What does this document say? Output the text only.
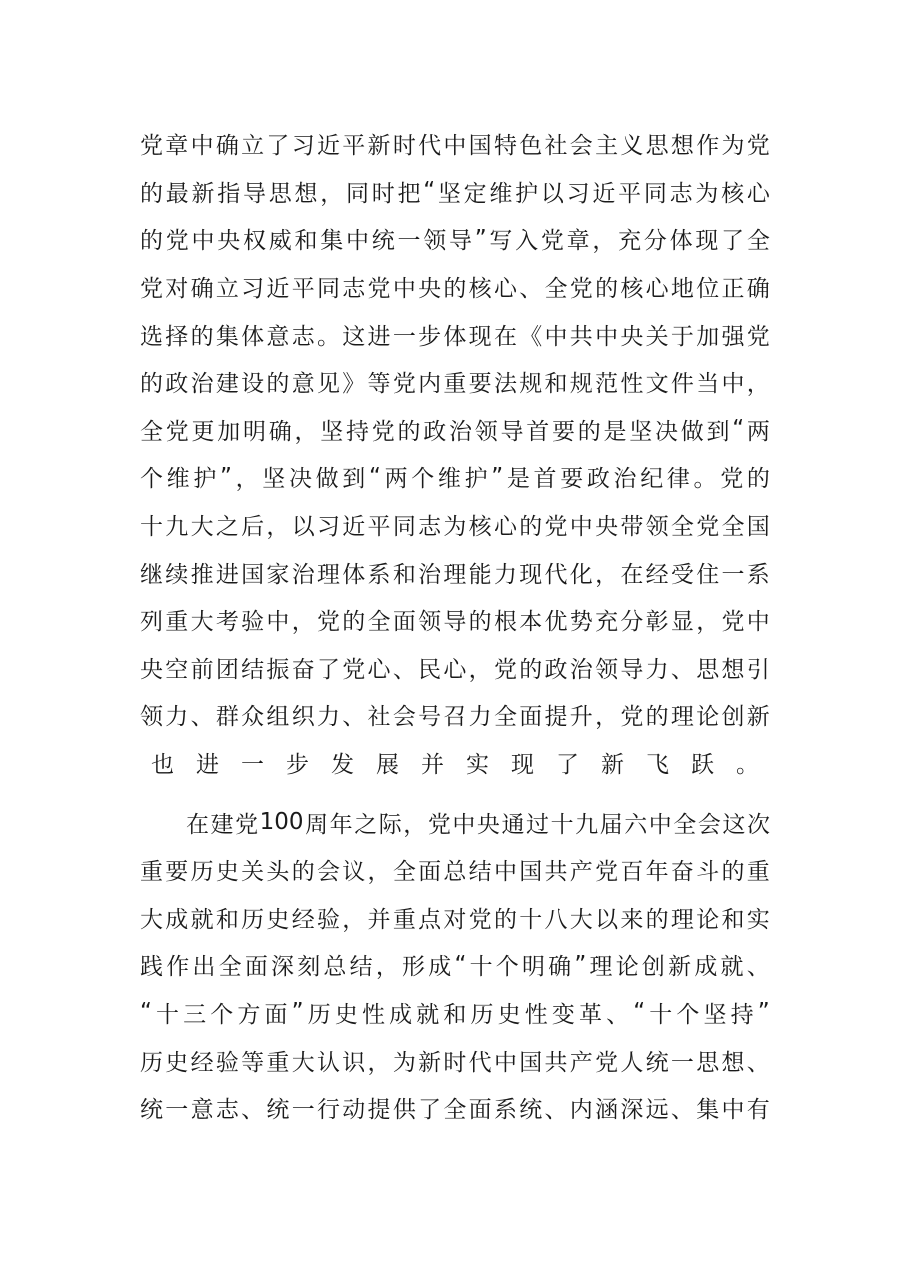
党 章 中 确 立 了 习 近 平 新 时 代 中 国 特 色 社 会 主 义 思 想 作 为 党
的 最 新 指 导 思 想 ， 同 时 把 “ 坚 定 维 护 以 习 近 平 同 志 为 核 心
的 党 中 央 权 威 和 集 中 统 一 领 导 ” 写 入 党 章 ， 充 分 体 现 了 全
党 对 确 立 习 近 平 同 志 党 中 央 的 核 心 、 全 党 的 核 心 地 位 正 确
选 择 的 集 体 意 志 。 这 进 一 步 体 现 在 《 中 共 中 央 关 于 加 强 党
的 政 治 建 设 的 意 见 》 等 党 内 重 要 法 规 和 规 范 性 文 件 当 中 ，
全 党 更 加 明 确 ， 坚 持 党 的 政 治 领 导 首 要 的 是 坚 决 做 到 “ 两
个 维 护 ” ， 坚 决 做 到 “ 两 个 维 护 ” 是 首 要 政 治 纪 律 。 党 的
十 九 大 之 后 ， 以 习 近 平 同 志 为 核 心 的 党 中 央 带 领 全 党 全 国
继 续 推 进 国 家 治 理 体 系 和 治 理 能 力 现 代 化 ， 在 经 受 住 一 系
列 重 大 考 验 中 ， 党 的 全 面 领 导 的 根 本 优 势 充 分 彰 显 ， 党 中
央 空 前 团 结 振 奋 了 党 心 、 民 心 ， 党 的 政 治 领 导 力 、 思 想 引
领 力 、 群 众 组 织 力 、 社 会 号 召 力 全 面 提 升 ， 党 的 理 论 创 新
也 进 一 步 发 展 并 实 现 了 新 飞 跃 。
在 建 党 100 周 年 之 际 ， 党 中 央 通 过 十 九 届 六 中 全 会 这 次
重 要 历 史 关 头 的 会 议 ， 全 面 总 结 中 国 共 产 党 百 年 奋 斗 的 重
大 成 就 和 历 史 经 验 ， 并 重 点 对 党 的 十 八 大 以 来 的 理 论 和 实
践 作 出 全 面 深 刻 总 结 ， 形 成 “ 十 个 明 确 ” 理 论 创 新 成 就 、
“ 十 三 个 方 面 ” 历 史 性 成 就 和 历 史 性 变 革 、 “ 十 个 坚 持 ”
历 史 经 验 等 重 大 认 识 ， 为 新 时 代 中 国 共 产 党 人 统 一 思 想 、
统 一 意 志 、 统 一 行 动 提 供 了 全 面 系 统 、 内 涵 深 远 、 集 中 有
